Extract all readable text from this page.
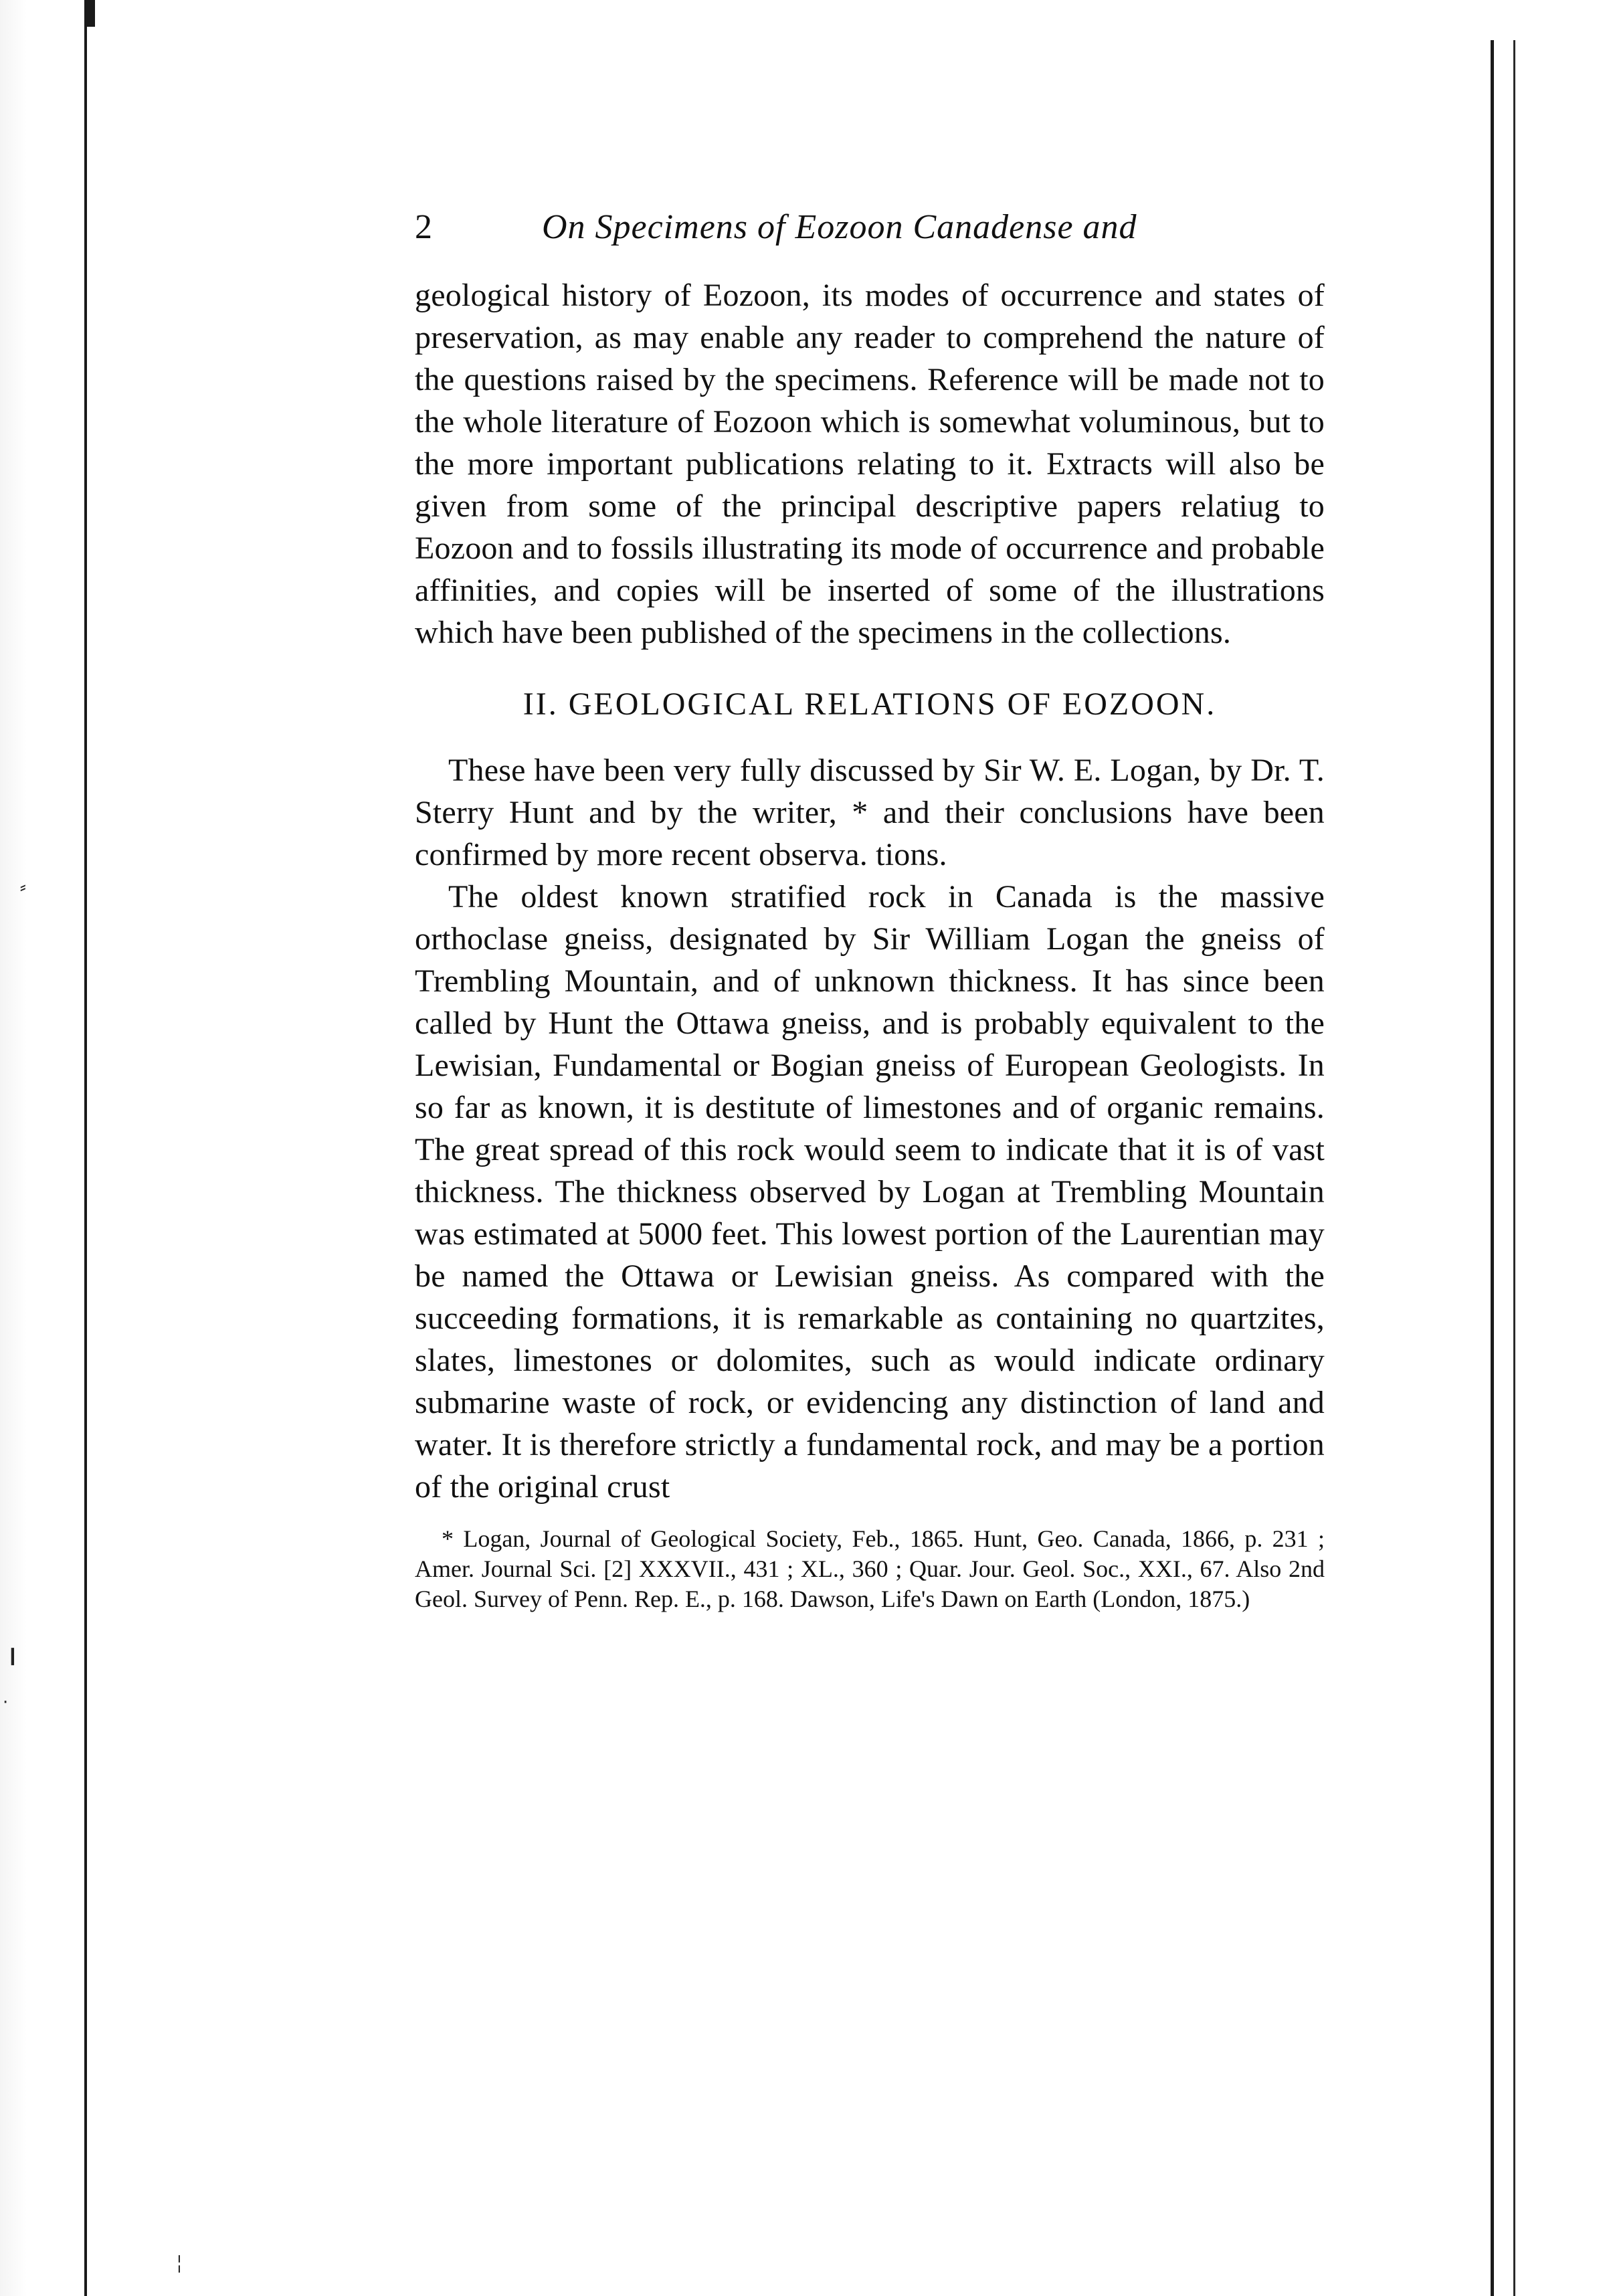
⸗
❙
·
╎
2	On Specimens of Eozoon Canadense and

geological history of Eozoon, its modes of occurrence and states of preservation, as may enable any reader to comprehend the nature of the questions raised by the specimens. Reference will be made not to the whole literature of Eozoon which is somewhat voluminous, but to the more important publications relating to it. Extracts will also be given from some of the principal descriptive papers relatiug to Eozoon and to fossils illustrating its mode of occurrence and probable affinities, and copies will be inserted of some of the illustrations which have been published of the specimens in the collections.

II. GEOLOGICAL RELATIONS OF EOZOON.

These have been very fully discussed by Sir W. E. Logan, by Dr. T. Sterry Hunt and by the writer, * and their conclusions have been confirmed by more recent observa. tions.

The oldest known stratified rock in Canada is the massive orthoclase gneiss, designated by Sir William Logan the gneiss of Trembling Mountain, and of unknown thickness. It has since been called by Hunt the Ottawa gneiss, and is probably equivalent to the Lewisian, Fundamental or Bogian gneiss of European Geologists. In so far as known, it is destitute of limestones and of organic remains. The great spread of this rock would seem to indicate that it is of vast thickness. The thickness observed by Logan at Trembling Mountain was estimated at 5000 feet. This lowest portion of the Laurentian may be named the Ottawa or Lewisian gneiss. As compared with the succeeding formations, it is remarkable as containing no quartzites, slates, limestones or dolomites, such as would indicate ordinary submarine waste of rock, or evidencing any distinction of land and water. It is therefore strictly a fundamental rock, and may be a portion of the original crust

* Logan, Journal of Geological Society, Feb., 1865. Hunt, Geo. Canada, 1866, p. 231 ; Amer. Journal Sci. [2] XXXVII., 431 ; XL., 360 ; Quar. Jour. Geol. Soc., XXI., 67. Also 2nd Geol. Survey of Penn. Rep. E., p. 168. Dawson, Life's Dawn on Earth (London, 1875.)
